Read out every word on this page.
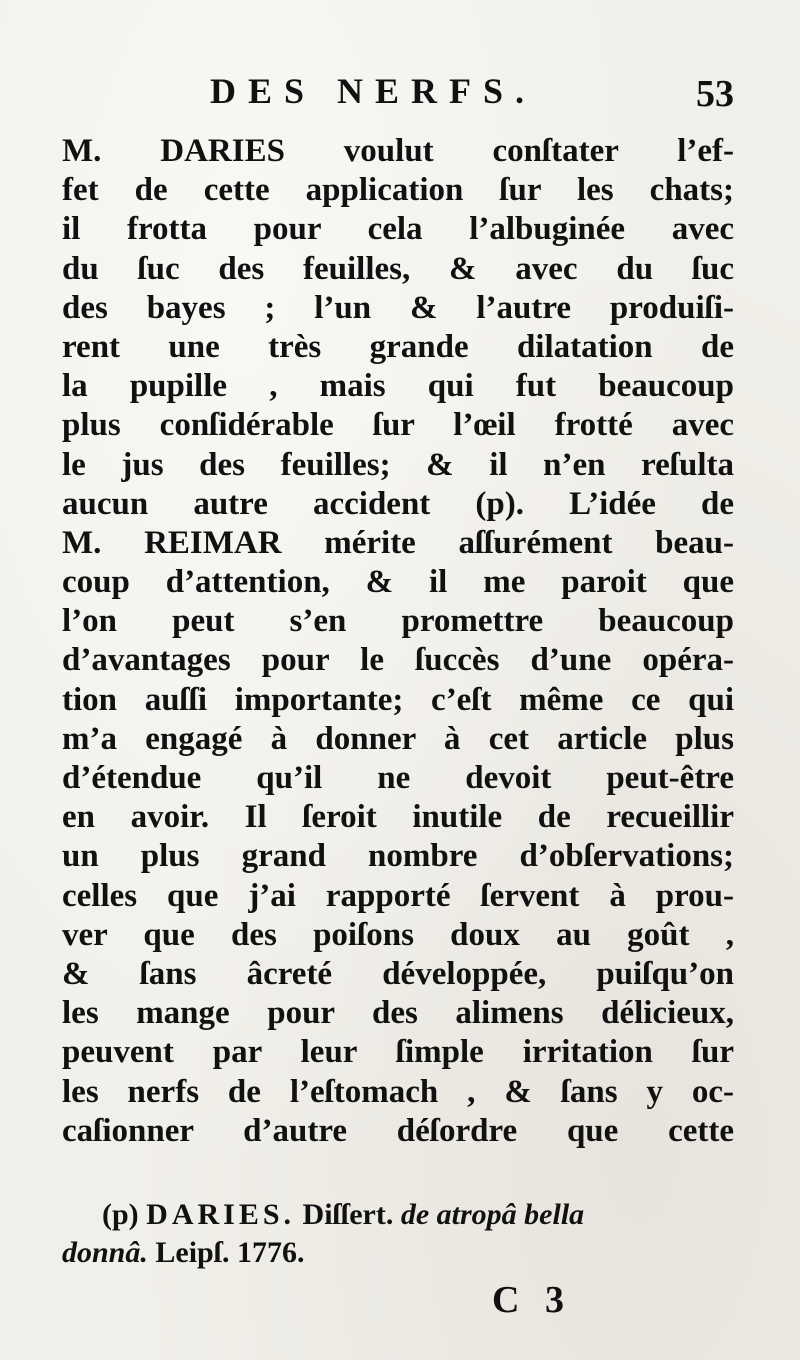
DES NERFS.	53
M. DARIES voulut conſtater l’ef-
fet de cette application ſur les chats;
il frotta pour cela l’albuginée avec
du ſuc des feuilles, & avec du ſuc
des bayes ; l’un & l’autre produiſi-
rent une très grande dilatation de
la pupille , mais qui fut beaucoup
plus conſidérable ſur l’œil frotté avec
le jus des feuilles; & il n’en reſulta
aucun autre accident (p). L’idée de
M. REIMAR mérite aſſurément beau-
coup d’attention, & il me paroit que
l’on peut s’en promettre beaucoup
d’avantages pour le ſuccès d’une opéra-
tion auſſi importante; c’eſt même ce qui
m’a engagé à donner à cet article plus
d’étendue qu’il ne devoit peut-être
en avoir. Il ſeroit inutile de recueillir
un plus grand nombre d’obſervations;
celles que j’ai rapporté ſervent à prou-
ver que des poiſons doux au goût ,
& ſans âcreté développée, puiſqu’on
les mange pour des alimens délicieux,
peuvent par leur ſimple irritation ſur
les nerfs de l’eſtomach , & ſans y oc-
caſionner d’autre déſordre que cette
(p) DARIES. Diſſert. de atropâ bella
donnâ. Leipſ. 1776.
C 3
